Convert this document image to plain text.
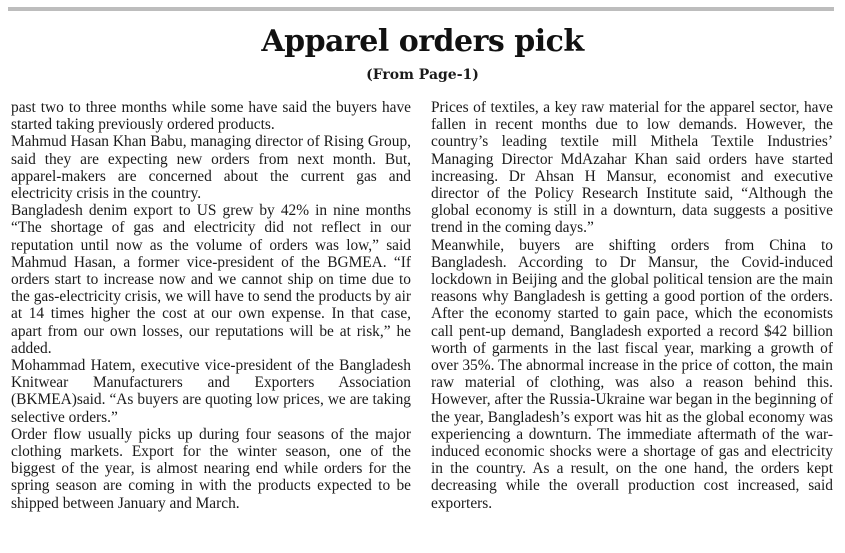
Apparel orders pick
(From Page-1)

past two to three months while some have said the buyers have started taking previously ordered products.

Mahmud Hasan Khan Babu, managing director of Rising Group, said they are expecting new orders from next month. But, apparel-makers are concerned about the current gas and electricity crisis in the country.

Bangladesh denim export to US grew by 42% in nine months “The shortage of gas and electricity did not reflect in our reputation until now as the volume of orders was low,” said Mahmud Hasan, a former vice-president of the BGMEA. “If orders start to increase now and we cannot ship on time due to the gas-electricity crisis, we will have to send the products by air at 14 times higher the cost at our own expense. In that case, apart from our own losses, our reputations will be at risk,” he added.

Mohammad Hatem, executive vice-president of the Bangladesh Knitwear Manufacturers and Exporters Association (BKMEA)said. “As buyers are quoting low prices, we are taking selective orders.”

Order flow usually picks up during four seasons of the major clothing markets. Export for the winter season, one of the biggest of the year, is almost nearing end while orders for the spring season are coming in with the products expected to be shipped between January and March.

Prices of textiles, a key raw material for the apparel sector, have fallen in recent months due to low demands. However, the country’s leading textile mill Mithela Textile Industries’ Managing Director MdAzahar Khan said orders have started increasing. Dr Ahsan H Mansur, economist and executive director of the Policy Research Institute said, “Although the global economy is still in a downturn, data suggests a positive trend in the coming days.”

Meanwhile, buyers are shifting orders from China to Bangladesh. According to Dr Mansur, the Covid-induced lockdown in Beijing and the global political tension are the main reasons why Bangladesh is getting a good portion of the orders. After the economy started to gain pace, which the economists call pent-up demand, Bangladesh exported a record $42 billion worth of garments in the last fiscal year, marking a growth of over 35%. The abnormal increase in the price of cotton, the main raw material of clothing, was also a reason behind this. However, after the Russia-Ukraine war began in the beginning of the year, Bangladesh’s export was hit as the global economy was experiencing a downturn. The immediate aftermath of the war-induced economic shocks were a shortage of gas and electricity in the country. As a result, on the one hand, the orders kept decreasing while the overall production cost increased, said exporters.
